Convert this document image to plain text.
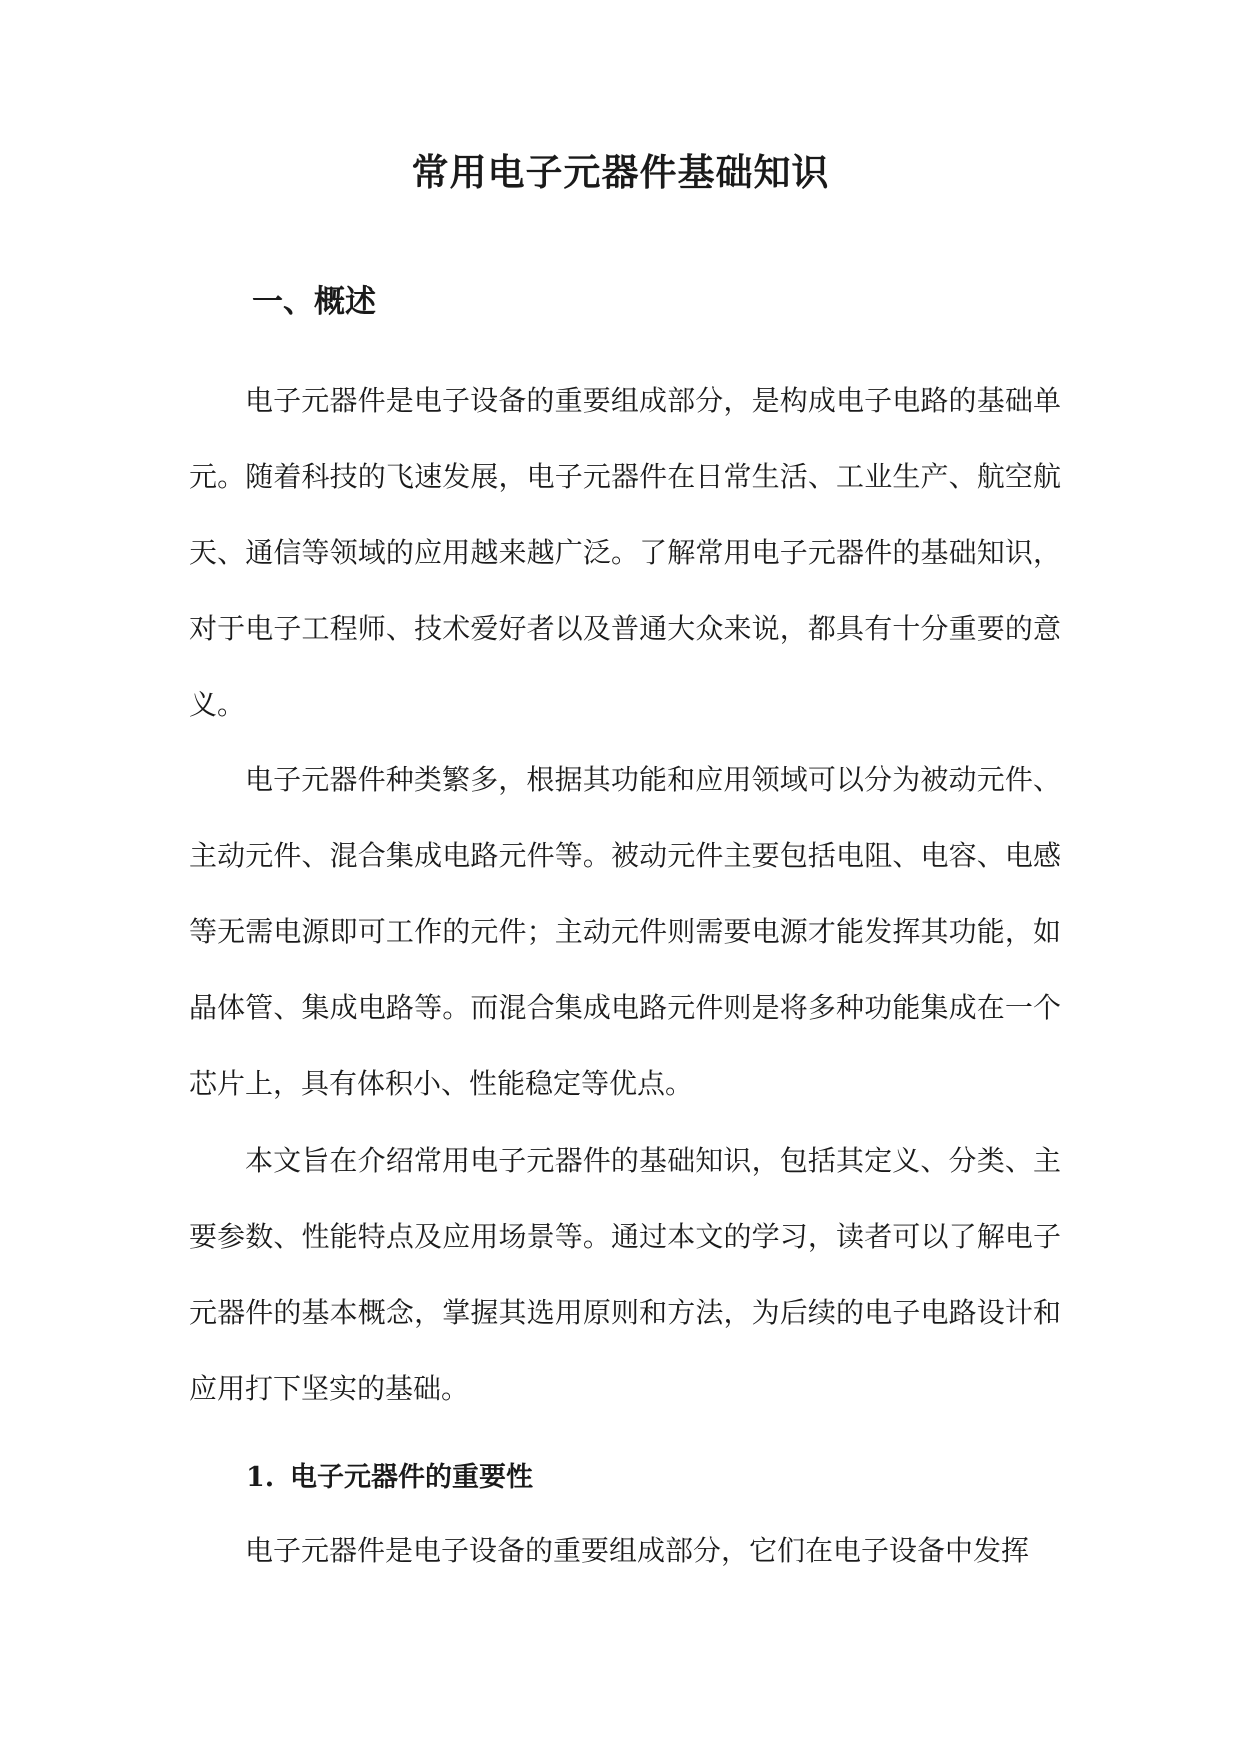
常用电子元器件基础知识
一、概述

电子元器件是电子设备的重要组成部分，是构成电子电路的基础单元。随着科技的飞速发展，电子元器件在日常生活、工业生产、航空航天、通信等领域的应用越来越广泛。了解常用电子元器件的基础知识，对于电子工程师、技术爱好者以及普通大众来说，都具有十分重要的意义。

电子元器件种类繁多，根据其功能和应用领域可以分为被动元件、主动元件、混合集成电路元件等。被动元件主要包括电阻、电容、电感等无需电源即可工作的元件；主动元件则需要电源才能发挥其功能，如晶体管、集成电路等。而混合集成电路元件则是将多种功能集成在一个芯片上，具有体积小、性能稳定等优点。

本文旨在介绍常用电子元器件的基础知识，包括其定义、分类、主要参数、性能特点及应用场景等。通过本文的学习，读者可以了解电子元器件的基本概念，掌握其选用原则和方法，为后续的电子电路设计和应用打下坚实的基础。

1. 电子元器件的重要性

电子元器件是电子设备的重要组成部分，它们在电子设备中发挥
